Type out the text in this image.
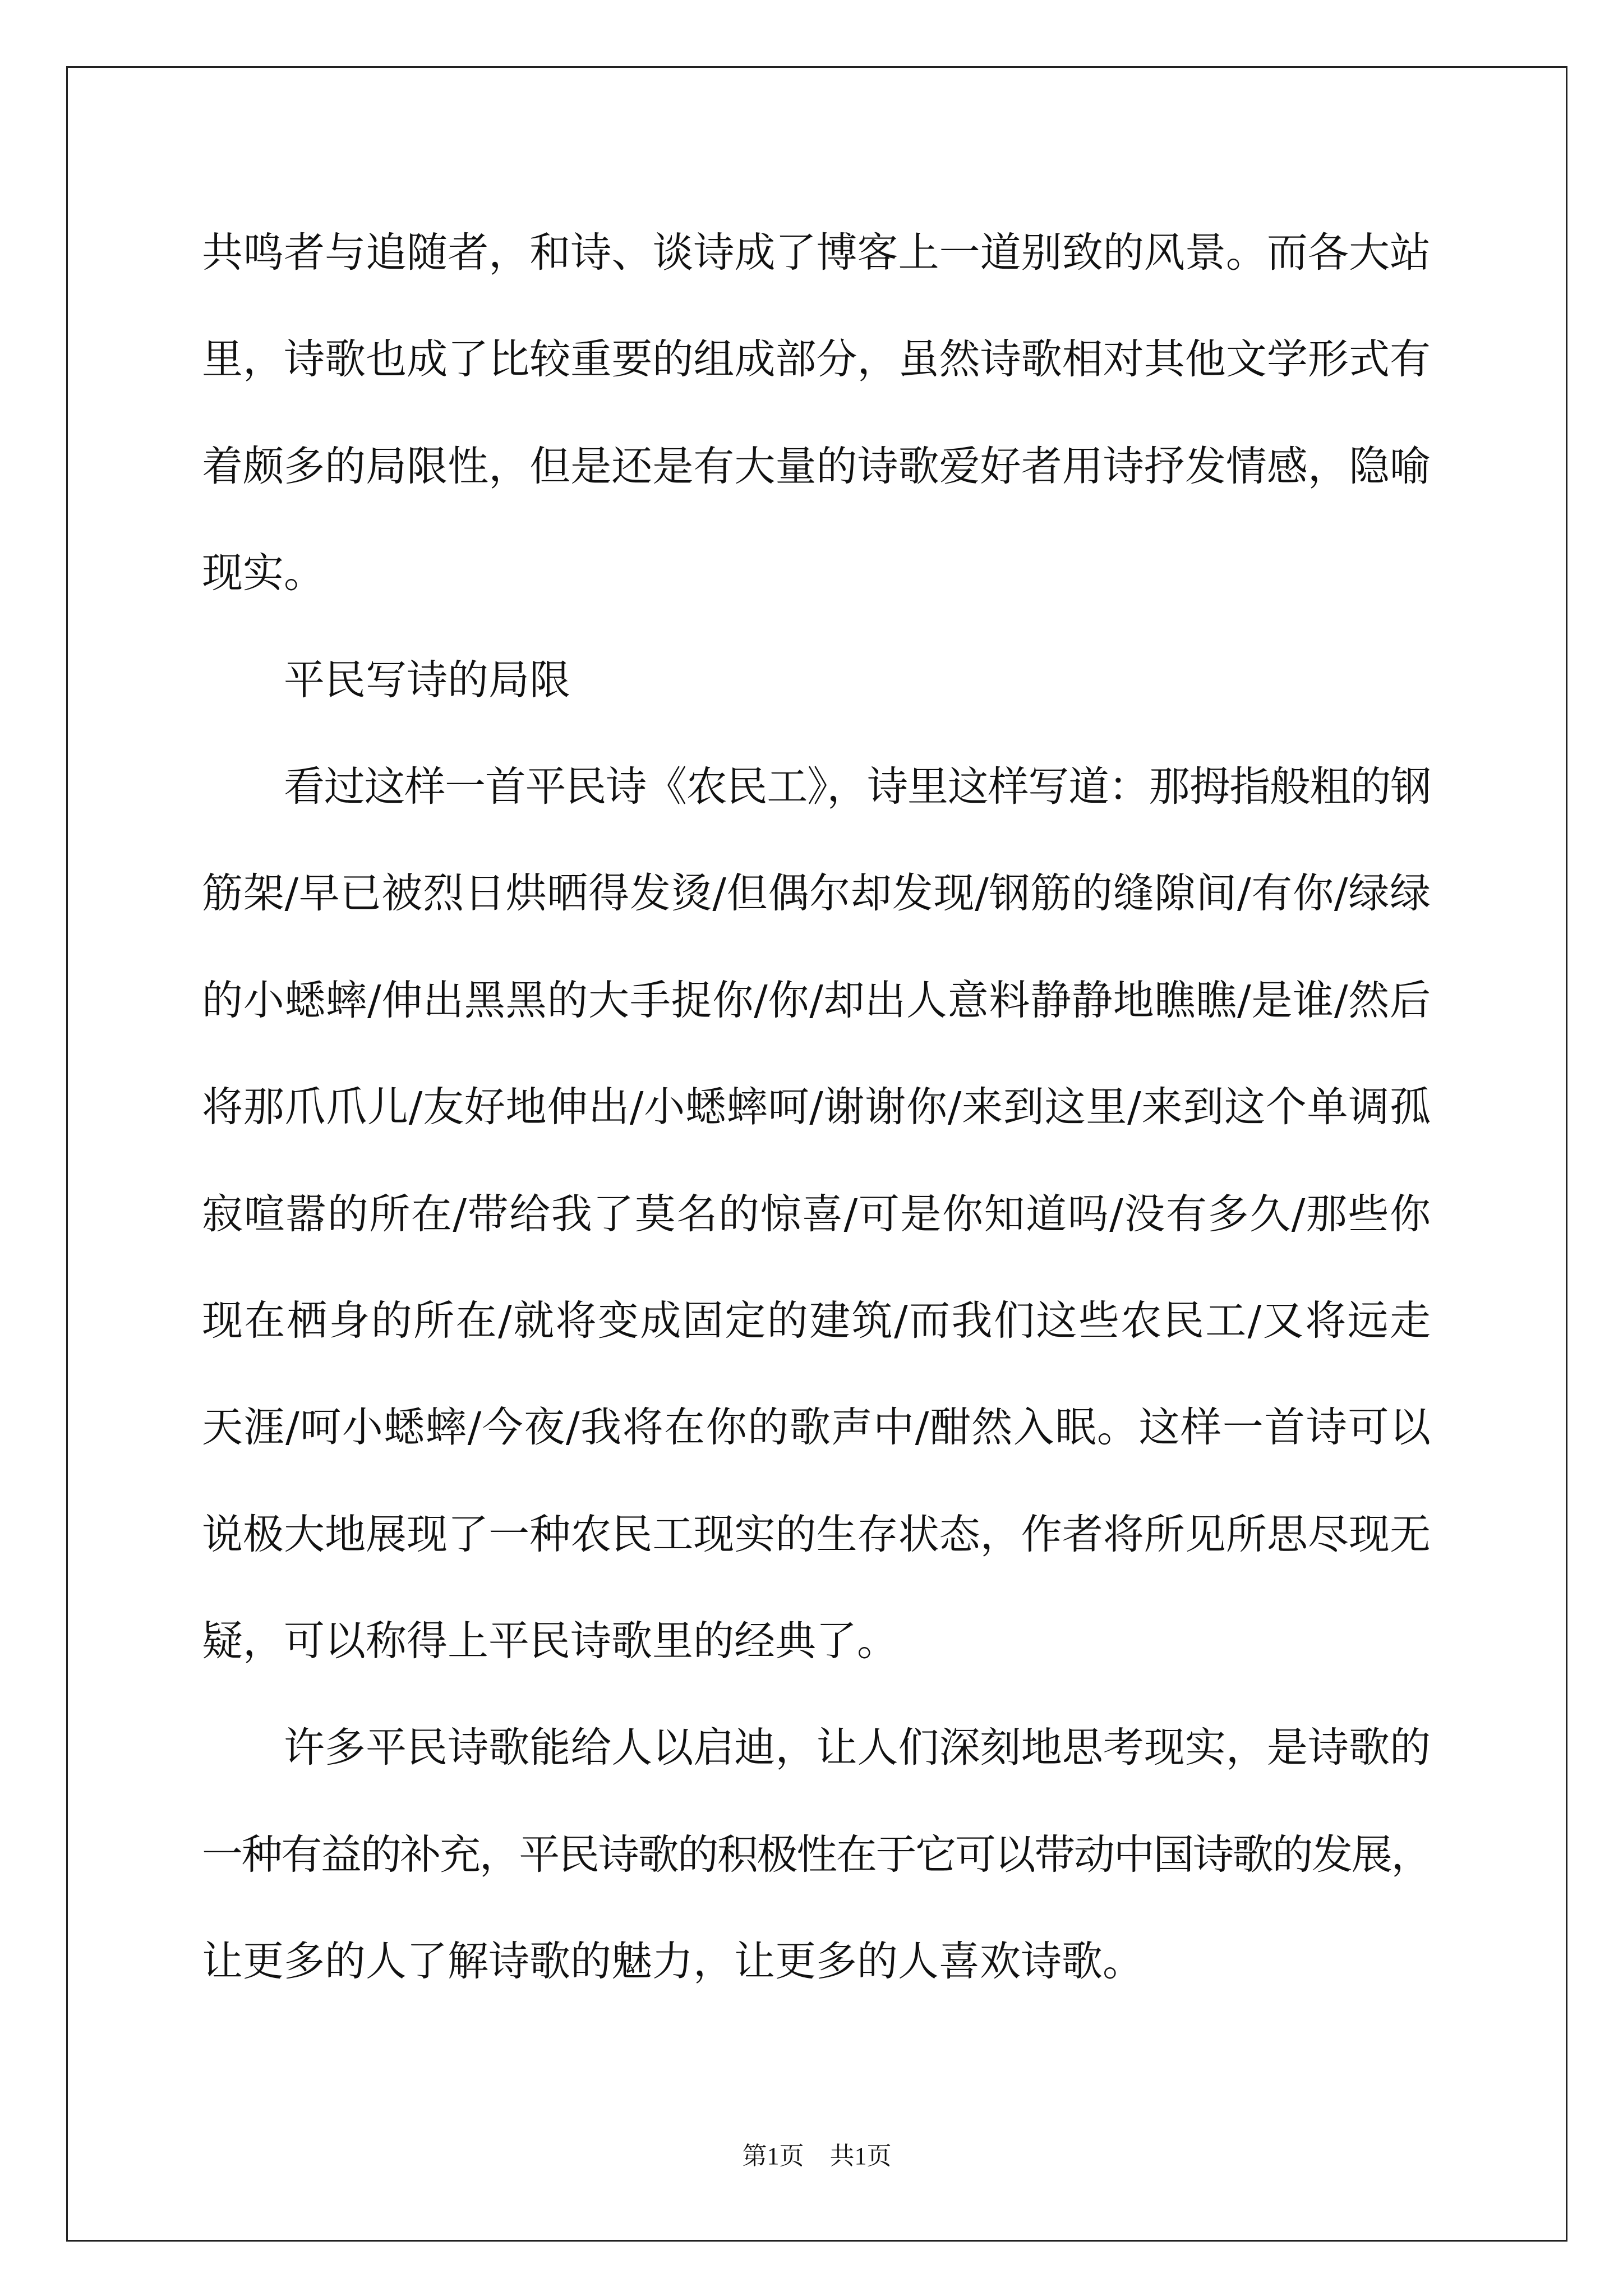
共鸣者与追随者，和诗、谈诗成了博客上一道别致的风景。而各大站
里，诗歌也成了比较重要的组成部分，虽然诗歌相对其他文学形式有
着颇多的局限性，但是还是有大量的诗歌爱好者用诗抒发情感，隐喻
现实。
平民写诗的局限
看过这样一首平民诗《农民工》，诗里这样写道：那拇指般粗的钢
筋架/早已被烈日烘晒得发烫/但偶尔却发现/钢筋的缝隙间/有你/绿绿
的小蟋蟀/伸出黑黑的大手捉你/你/却出人意料静静地瞧瞧/是谁/然后
将那爪爪儿/友好地伸出/小蟋蟀呵/谢谢你/来到这里/来到这个单调孤
寂喧嚣的所在/带给我了莫名的惊喜/可是你知道吗/没有多久/那些你
现在栖身的所在/就将变成固定的建筑/而我们这些农民工/又将远走
天涯/呵小蟋蟀/今夜/我将在你的歌声中/酣然入眠。这样一首诗可以
说极大地展现了一种农民工现实的生存状态，作者将所见所思尽现无
疑，可以称得上平民诗歌里的经典了。
许多平民诗歌能给人以启迪，让人们深刻地思考现实，是诗歌的
一种有益的补充，平民诗歌的积极性在于它可以带动中国诗歌的发展，
让更多的人了解诗歌的魅力，让更多的人喜欢诗歌。
第1页 共1页
